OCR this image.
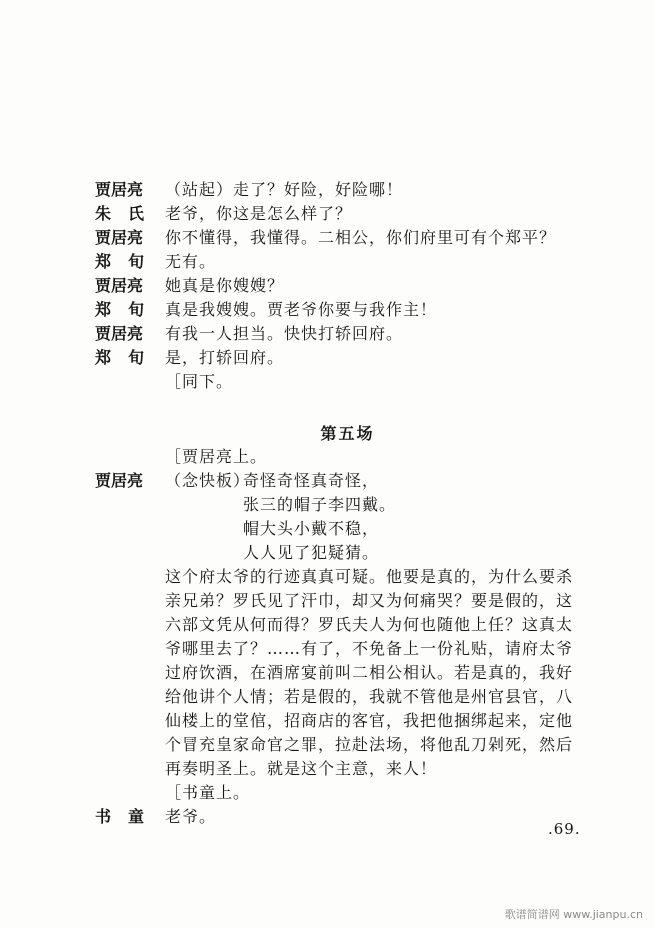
贾居亮 （站起）走了？好险，好险哪！
朱氏 老爷，你这是怎么样了？
贾居亮 你不懂得，我懂得。二相公，你们府里可有个郑平？
郑旬 无有。
贾居亮 她真是你嫂嫂？
郑旬 真是我嫂嫂。贾老爷你要与我作主！
贾居亮 有我一人担当。快快打轿回府。
郑旬 是，打轿回府。
［同下。
第五场
［贾居亮上。
贾居亮 （念快板）
奇怪奇怪真奇怪，
张三的帽子李四戴。
帽大头小戴不稳，
人人见了犯疑猜。
这个府太爷的行迹真真可疑。他要是真的，为什么要杀
亲兄弟？罗氏见了汗巾，却又为何痛哭？要是假的，这
六部文凭从何而得？罗氏夫人为何也随他上任？这真太
爷哪里去了？……有了，不免备上一份礼贴，请府太爷
过府饮酒，在酒席宴前叫二相公相认。若是真的，我好
给他讲个人情；若是假的，我就不管他是州官县官，八
仙楼上的堂倌，招商店的客官，我把他捆绑起来，定他
个冒充皇家命官之罪，拉赴法场，将他乱刀剁死，然后
再奏明圣上。就是这个主意，来人！
［书童上。
书童 老爷。
.69.
歌谱简谱网 www.jianpu.cn
